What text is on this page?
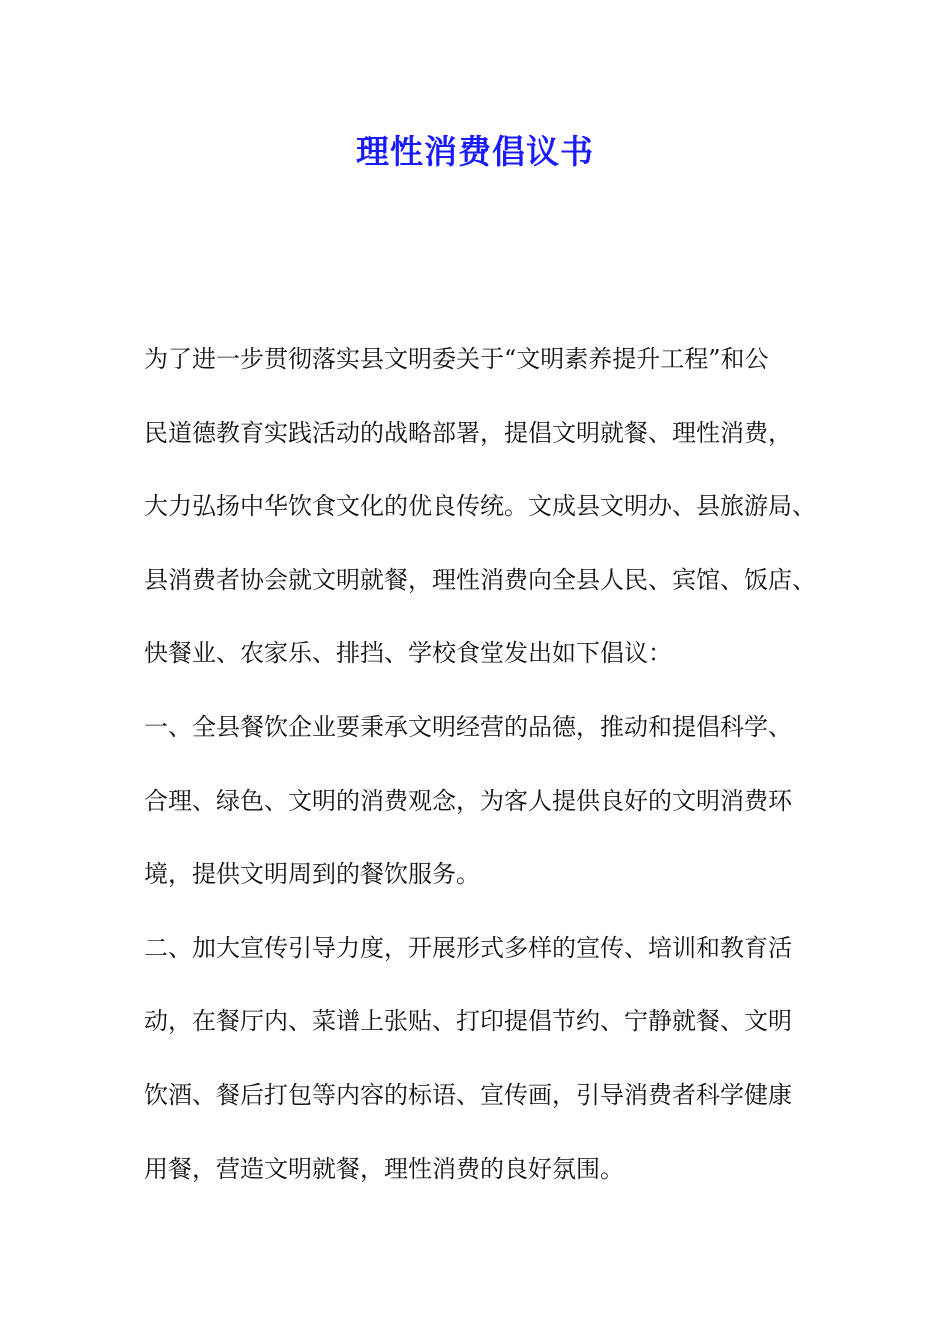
理性消费倡议书
为了进一步贯彻落实县文明委关于“文明素养提升工程”和公
民道德教育实践活动的战略部署，提倡文明就餐、理性消费，
大力弘扬中华饮食文化的优良传统。文成县文明办、县旅游局、
县消费者协会就文明就餐，理性消费向全县人民、宾馆、饭店、
快餐业、农家乐、排挡、学校食堂发出如下倡议：
一、全县餐饮企业要秉承文明经营的品德，推动和提倡科学、
合理、绿色、文明的消费观念，为客人提供良好的文明消费环
境，提供文明周到的餐饮服务。
二、加大宣传引导力度，开展形式多样的宣传、培训和教育活
动，在餐厅内、菜谱上张贴、打印提倡节约、宁静就餐、文明
饮酒、餐后打包等内容的标语、宣传画，引导消费者科学健康
用餐，营造文明就餐，理性消费的良好氛围。
